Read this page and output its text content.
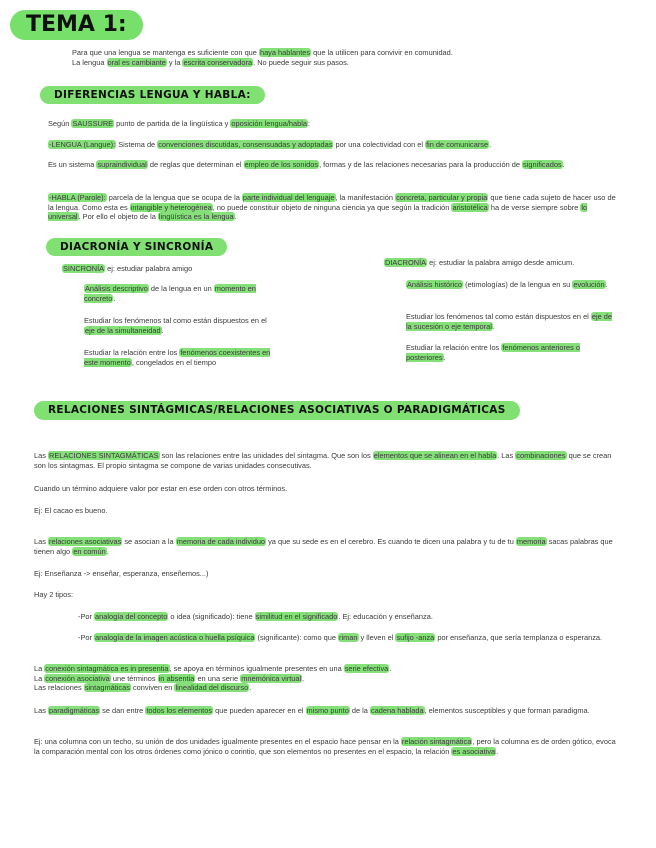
TEMA 1:
Para que una lengua se mantenga es suficiente con que haya hablantes que la utilicen para convivir en comunidad.
La lengua oral es cambiante y la escrita conservadora. No puede seguir sus pasos.
DIFERENCIAS LENGUA Y HABLA:
Según SAUSSURE punto de partida de la lingüística y oposición lengua/habla:
-LENGUA (Langue): Sistema de convenciones discutidas, consensuadas y adoptadas por una colectividad con el fin de comunicarse.
Es un sistema supraindividual de reglas que determinan el empleo de los sonidos, formas y de las relaciones necesarias para la producción de significados.
-HABLA (Parole): parcela de la lengua que se ocupa de la parte individual del lenguaje, la manifestación concreta, particular y propia que tiene cada sujeto de hacer uso de la lengua. Como esta es intangible y heterogénea, no puede constituir objeto de ninguna ciencia ya que según la tradición aristotélica ha de verse siempre sobre lo universal. Por ello el objeto de la lingüística es la lengua.
DIACRONÍA Y SINCRONÍA
SINCRONÍA ej: estudiar palabra amigo
Análisis descriptivo de la lengua en un momento en concreto.
Estudiar los fenómenos tal como están dispuestos en el eje de la simultaneidad.
Estudiar la relación entre los fenómenos coexistentes en este momento, congelados en el tiempo
DIACRONÍA ej: estudiar la palabra amigo desde amicum.
Análisis histórico (etimologías) de la lengua en su evolución.
Estudiar los fenómenos tal como están dispuestos en el eje de la sucesión o eje temporal.
Estudiar la relación entre los fenómenos anteriores o posteriores.
RELACIONES SINTÁGMICAS/RELACIONES ASOCIATIVAS O PARADIGMÁTICAS
Las RELACIONES SINTAGMÁTICAS son las relaciones entre las unidades del sintagma. Que son los elementos que se alinean en el habla. Las combinaciones que se crean son los sintagmas. El propio sintagma se compone de varias unidades consecutivas.
Cuando un término adquiere valor por estar en ese orden con otros términos.
Ej: El cacao es bueno.
Las relaciones asociativas se asocian a la memoria de cada individuo ya que su sede es en el cerebro. Es cuando te dicen una palabra y tu de tu memoria sacas palabras que tienen algo en común.
Ej: Enseñanza -> enseñar, esperanza, enseñemos...)
Hay 2 tipos:
-Por analogía del concepto o idea (significado): tiene similitud en el significado. Ej: educación y enseñanza.
-Por analogía de la imagen acústica o huella psíquica (significante): como que riman y lleven el sufijo -anza por enseñanza, que sería templanza o esperanza.
La conexión sintagmática es in presentia, se apoya en términos igualmente presentes en una serie efectiva.
La conexión asociativa une términos in absentia en una serie mnemónica virtual.
Las relaciones sintagmáticas conviven en linealidad del discurso.
Las paradigmáticas se dan entre todos los elementos que pueden aparecer en el mismo punto de la cadena hablada, elementos susceptibles y que forman paradigma.
Ej: una columna con un techo, su unión de dos unidades igualmente presentes en el espacio hace pensar en la relación sintagmática, pero la columna es de orden gótico, evoca la comparación mental con los otros órdenes como jónico o corintio, que son elementos no presentes en el espacio, la relación es asociativa.
